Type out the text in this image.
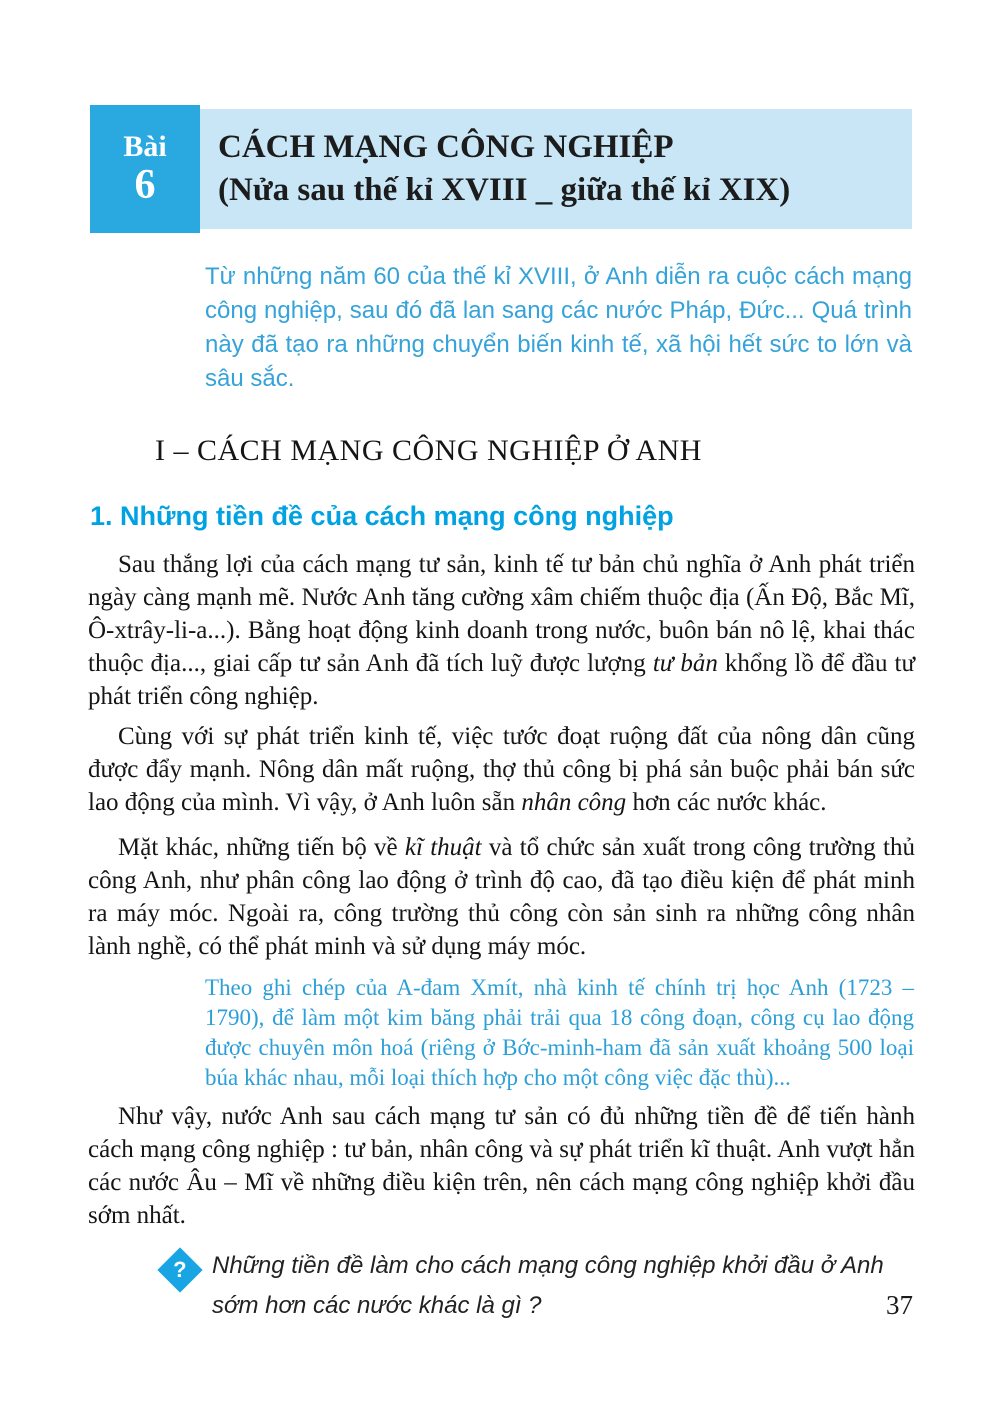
Bài
6
CÁCH MẠNG CÔNG NGHIỆP
(Nửa sau thế kỉ XVIII _ giữa thế kỉ XIX)

Từ những năm 60 của thế kỉ XVIII, ở Anh diễn ra cuộc cách mạng công nghiệp, sau đó đã lan sang các nước Pháp, Đức... Quá trình này đã tạo ra những chuyển biến kinh tế, xã hội hết sức to lớn và sâu sắc.

I – CÁCH MẠNG CÔNG NGHIỆP Ở ANH
1. Những tiền đề của cách mạng công nghiệp

Sau thắng lợi của cách mạng tư sản, kinh tế tư bản chủ nghĩa ở Anh phát triển ngày càng mạnh mẽ. Nước Anh tăng cường xâm chiếm thuộc địa (Ấn Độ, Bắc Mĩ, Ô-xtrây-li-a...). Bằng hoạt động kinh doanh trong nước, buôn bán nô lệ, khai thác thuộc địa..., giai cấp tư sản Anh đã tích luỹ được lượng tư bản khổng lồ để đầu tư phát triển công nghiệp.

Cùng với sự phát triển kinh tế, việc tước đoạt ruộng đất của nông dân cũng được đẩy mạnh. Nông dân mất ruộng, thợ thủ công bị phá sản buộc phải bán sức lao động của mình. Vì vậy, ở Anh luôn sẵn nhân công hơn các nước khác.

Mặt khác, những tiến bộ về kĩ thuật và tổ chức sản xuất trong công trường thủ công Anh, như phân công lao động ở trình độ cao, đã tạo điều kiện để phát minh ra máy móc. Ngoài ra, công trường thủ công còn sản sinh ra những công nhân lành nghề, có thể phát minh và sử dụng máy móc.

Theo ghi chép của A-đam Xmít, nhà kinh tế chính trị học Anh (1723 – 1790), để làm một kim băng phải trải qua 18 công đoạn, công cụ lao động được chuyên môn hoá (riêng ở Bớc-minh-ham đã sản xuất khoảng 500 loại búa khác nhau, mỗi loại thích hợp cho một công việc đặc thù)...

Như vậy, nước Anh sau cách mạng tư sản có đủ những tiền đề để tiến hành cách mạng công nghiệp : tư bản, nhân công và sự phát triển kĩ thuật. Anh vượt hẳn các nước Âu – Mĩ về những điều kiện trên, nên cách mạng công nghiệp khởi đầu sớm nhất.

? Những tiền đề làm cho cách mạng công nghiệp khởi đầu ở Anh sớm hơn các nước khác là gì ?	37
